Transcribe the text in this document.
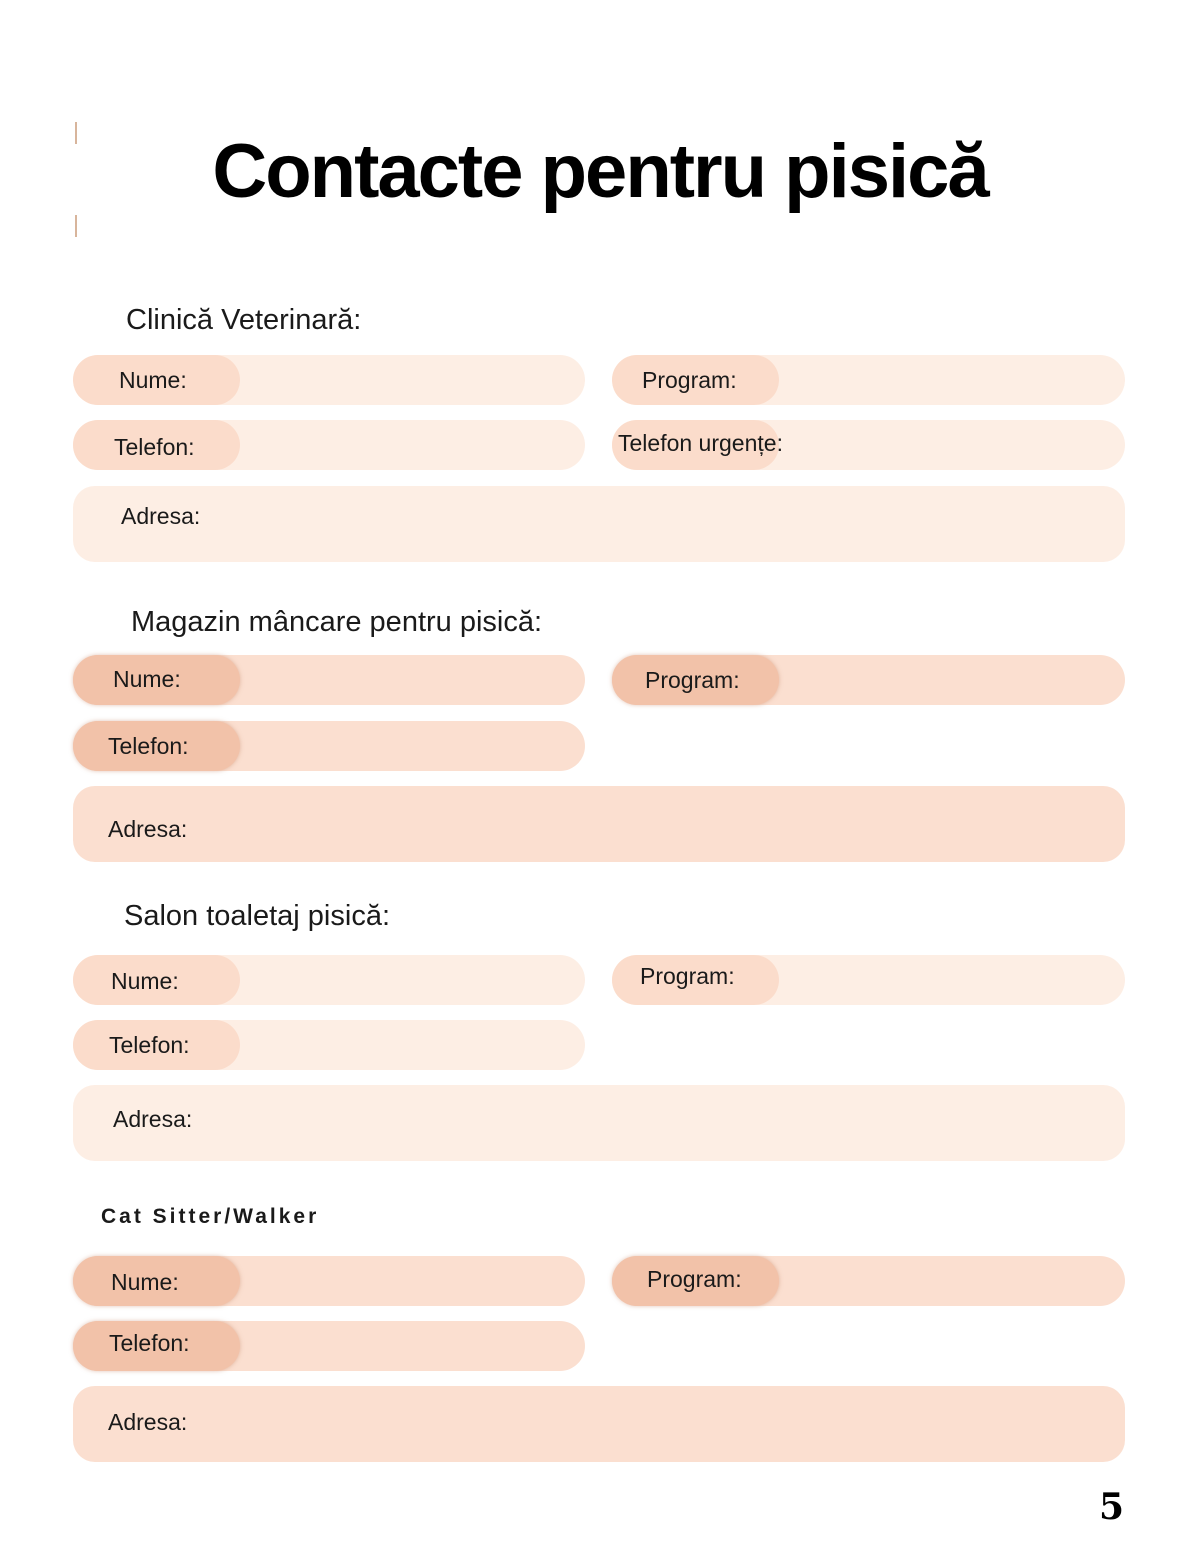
Contacte pentru pisică
Clinică Veterinară:
Nume:	Program:
Telefon:	Telefon urgențe:
Adresa:
Magazin mâncare pentru pisică:
Nume:	Program:
Telefon:
Adresa:
Salon toaletaj pisică:
Nume:	Program:
Telefon:
Adresa:
Cat Sitter/Walker
Nume:	Program:
Telefon:
Adresa:
5
